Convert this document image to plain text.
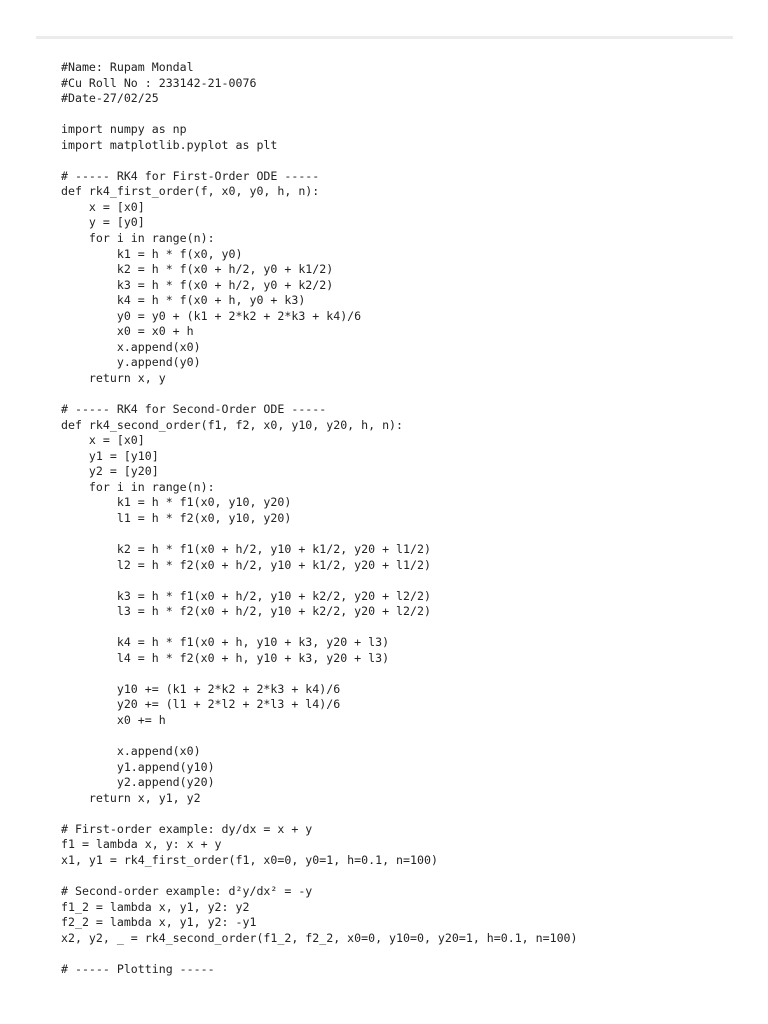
#Name: Rupam Mondal
#Cu Roll No : 233142-21-0076
#Date-27/02/25
import numpy as np
import matplotlib.pyplot as plt
# ----- RK4 for First-Order ODE -----
def rk4_first_order(f, x0, y0, h, n):
x = [x0]
y = [y0]
for i in range(n):
k1 = h * f(x0, y0)
k2 = h * f(x0 + h/2, y0 + k1/2)
k3 = h * f(x0 + h/2, y0 + k2/2)
k4 = h * f(x0 + h, y0 + k3)
y0 = y0 + (k1 + 2*k2 + 2*k3 + k4)/6
x0 = x0 + h
x.append(x0)
y.append(y0)
return x, y
# ----- RK4 for Second-Order ODE -----
def rk4_second_order(f1, f2, x0, y10, y20, h, n):
x = [x0]
y1 = [y10]
y2 = [y20]
for i in range(n):
k1 = h * f1(x0, y10, y20)
l1 = h * f2(x0, y10, y20)
k2 = h * f1(x0 + h/2, y10 + k1/2, y20 + l1/2)
l2 = h * f2(x0 + h/2, y10 + k1/2, y20 + l1/2)
k3 = h * f1(x0 + h/2, y10 + k2/2, y20 + l2/2)
l3 = h * f2(x0 + h/2, y10 + k2/2, y20 + l2/2)
k4 = h * f1(x0 + h, y10 + k3, y20 + l3)
l4 = h * f2(x0 + h, y10 + k3, y20 + l3)
y10 += (k1 + 2*k2 + 2*k3 + k4)/6
y20 += (l1 + 2*l2 + 2*l3 + l4)/6
x0 += h
x.append(x0)
y1.append(y10)
y2.append(y20)
return x, y1, y2
# First-order example: dy/dx = x + y
f1 = lambda x, y: x + y
x1, y1 = rk4_first_order(f1, x0=0, y0=1, h=0.1, n=100)
# Second-order example: d²y/dx² = -y
f1_2 = lambda x, y1, y2: y2
f2_2 = lambda x, y1, y2: -y1
x2, y2, _ = rk4_second_order(f1_2, f2_2, x0=0, y10=0, y20=1, h=0.1, n=100)
# ----- Plotting -----
